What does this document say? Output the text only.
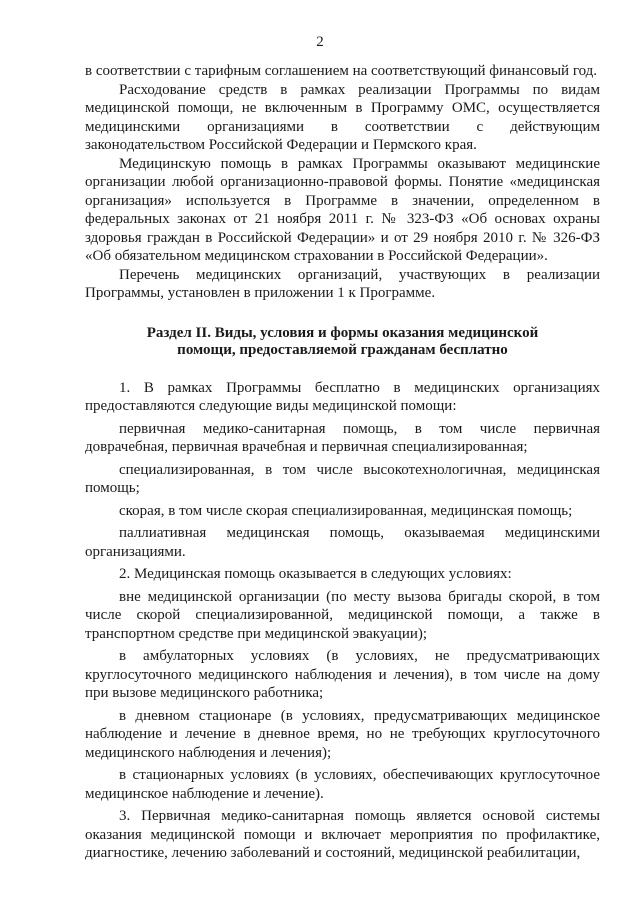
2

в соответствии с тарифным соглашением на соответствующий финансовый год.

Расходование средств в рамках реализации Программы по видам медицинской помощи, не включенным в Программу ОМС, осуществляется медицинскими организациями в соответствии с действующим законодательством Российской Федерации и Пермского края.

Медицинскую помощь в рамках Программы оказывают медицинские организации любой организационно-правовой формы. Понятие «медицинская организация» используется в Программе в значении, определенном в федеральных законах от 21 ноября 2011 г. № 323-ФЗ «Об основах охраны здоровья граждан в Российской Федерации» и от 29 ноября 2010 г. № 326-ФЗ «Об обязательном медицинском страховании в Российской Федерации».

Перечень медицинских организаций, участвующих в реализации Программы, установлен в приложении 1 к Программе.

Раздел II. Виды, условия и формы оказания медицинской
помощи, предоставляемой гражданам бесплатно

1. В рамках Программы бесплатно в медицинских организациях предоставляются следующие виды медицинской помощи:

первичная медико-санитарная помощь, в том числе первичная доврачебная, первичная врачебная и первичная специализированная;

специализированная, в том числе высокотехнологичная, медицинская помощь;

скорая, в том числе скорая специализированная, медицинская помощь;

паллиативная медицинская помощь, оказываемая медицинскими организациями.

2. Медицинская помощь оказывается в следующих условиях:

вне медицинской организации (по месту вызова бригады скорой, в том числе скорой специализированной, медицинской помощи, а также в транспортном средстве при медицинской эвакуации);

в амбулаторных условиях (в условиях, не предусматривающих круглосуточного медицинского наблюдения и лечения), в том числе на дому при вызове медицинского работника;

в дневном стационаре (в условиях, предусматривающих медицинское наблюдение и лечение в дневное время, но не требующих круглосуточного медицинского наблюдения и лечения);

в стационарных условиях (в условиях, обеспечивающих круглосуточное медицинское наблюдение и лечение).

3. Первичная медико-санитарная помощь является основой системы оказания медицинской помощи и включает мероприятия по профилактике, диагностике, лечению заболеваний и состояний, медицинской реабилитации,
